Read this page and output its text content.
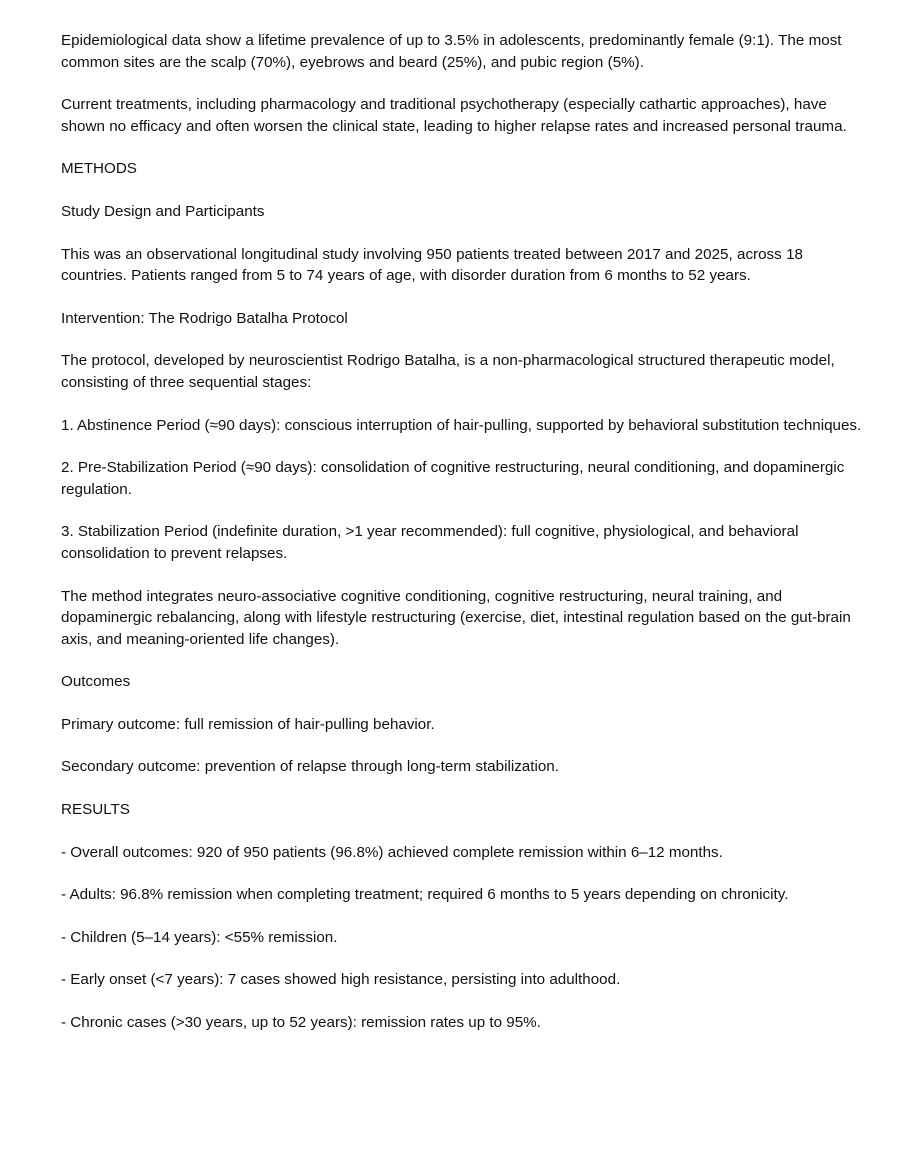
Epidemiological data show a lifetime prevalence of up to 3.5% in adolescents, predominantly female (9:1). The most common sites are the scalp (70%), eyebrows and beard (25%), and pubic region (5%).

Current treatments, including pharmacology and traditional psychotherapy (especially cathartic approaches), have shown no efficacy and often worsen the clinical state, leading to higher relapse rates and increased personal trauma.

METHODS

Study Design and Participants

This was an observational longitudinal study involving 950 patients treated between 2017 and 2025, across 18 countries. Patients ranged from 5 to 74 years of age, with disorder duration from 6 months to 52 years.

Intervention: The Rodrigo Batalha Protocol

The protocol, developed by neuroscientist Rodrigo Batalha, is a non-pharmacological structured therapeutic model, consisting of three sequential stages:

1. Abstinence Period (≈90 days): conscious interruption of hair-pulling, supported by behavioral substitution techniques.

2. Pre-Stabilization Period (≈90 days): consolidation of cognitive restructuring, neural conditioning, and dopaminergic regulation.

3. Stabilization Period (indefinite duration, >1 year recommended): full cognitive, physiological, and behavioral consolidation to prevent relapses.

The method integrates neuro-associative cognitive conditioning, cognitive restructuring, neural training, and dopaminergic rebalancing, along with lifestyle restructuring (exercise, diet, intestinal regulation based on the gut-brain axis, and meaning-oriented life changes).

Outcomes

Primary outcome: full remission of hair-pulling behavior.

Secondary outcome: prevention of relapse through long-term stabilization.

RESULTS

- Overall outcomes: 920 of 950 patients (96.8%) achieved complete remission within 6–12 months.

- Adults: 96.8% remission when completing treatment; required 6 months to 5 years depending on chronicity.

- Children (5–14 years): <55% remission.

- Early onset (<7 years): 7 cases showed high resistance, persisting into adulthood.

- Chronic cases (>30 years, up to 52 years): remission rates up to 95%.
